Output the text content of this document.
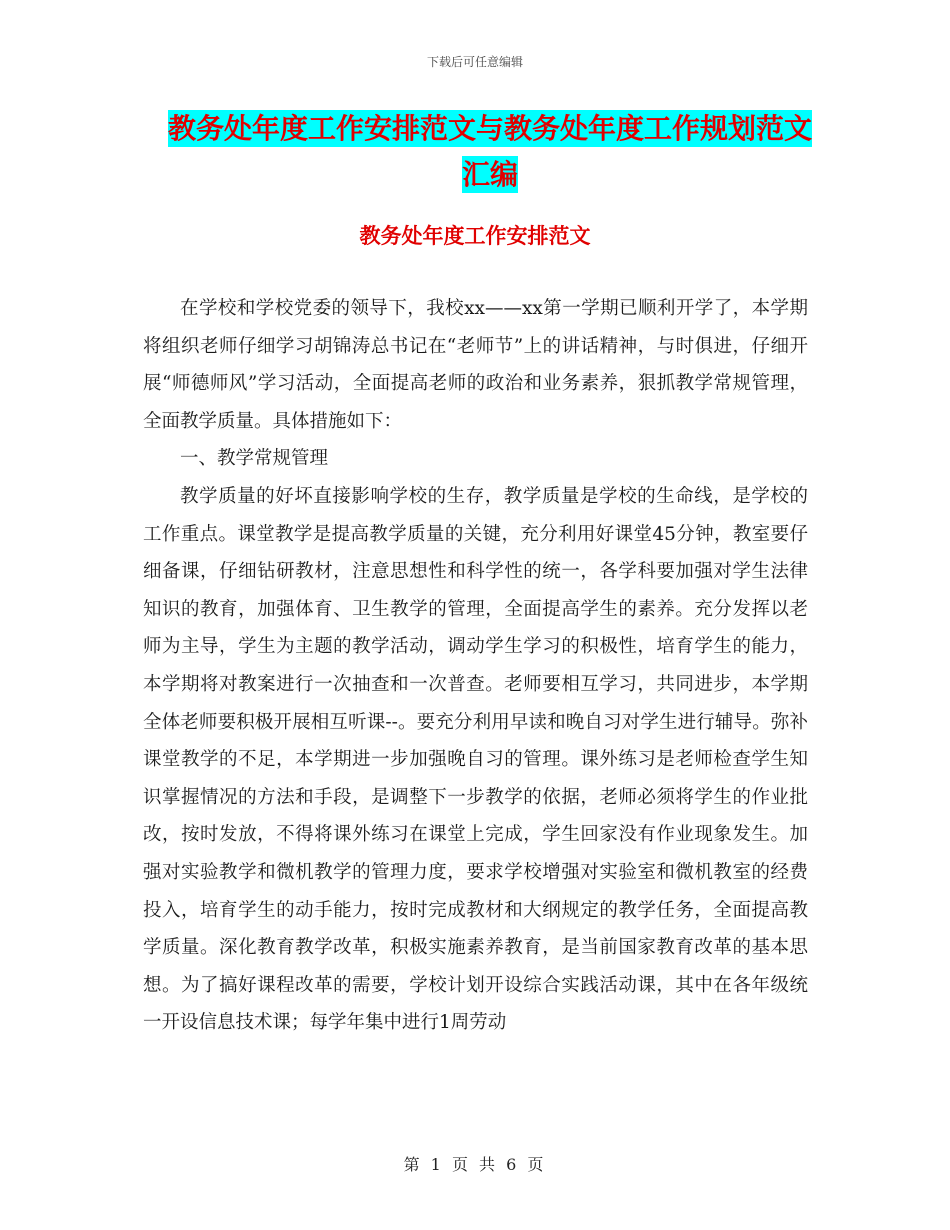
下载后可任意编辑
教务处年度工作安排范文与教务处年度工作规划范文
汇编
教务处年度工作安排范文

在学校和学校党委的领导下，我校xx——xx第一学期已顺利开学了，本学期将组织老师仔细学习胡锦涛总书记在“老师节”上的讲话精神，与时俱进，仔细开展“师德师风”学习活动，全面提高老师的政治和业务素养，狠抓教学常规管理，全面教学质量。具体措施如下：

一、教学常规管理

教学质量的好坏直接影响学校的生存，教学质量是学校的生命线，是学校的工作重点。课堂教学是提高教学质量的关键，充分利用好课堂45分钟，教室要仔细备课，仔细钻研教材，注意思想性和科学性的统一，各学科要加强对学生法律知识的教育，加强体育、卫生教学的管理，全面提高学生的素养。充分发挥以老师为主导，学生为主题的教学活动，调动学生学习的积极性，培育学生的能力，本学期将对教案进行一次抽查和一次普查。老师要相互学习，共同进步，本学期全体老师要积极开展相互听课--。要充分利用早读和晚自习对学生进行辅导。弥补课堂教学的不足，本学期进一步加强晚自习的管理。课外练习是老师检查学生知识掌握情况的方法和手段，是调整下一步教学的依据，老师必须将学生的作业批改，按时发放，不得将课外练习在课堂上完成，学生回家没有作业现象发生。加强对实验教学和微机教学的管理力度，要求学校增强对实验室和微机教室的经费投入，培育学生的动手能力，按时完成教材和大纲规定的教学任务，全面提高教学质量。深化教育教学改革，积极实施素养教育，是当前国家教育改革的基本思想。为了搞好课程改革的需要，学校计划开设综合实践活动课，其中在各年级统一开设信息技术课；每学年集中进行1周劳动

第 1 页 共 6 页
